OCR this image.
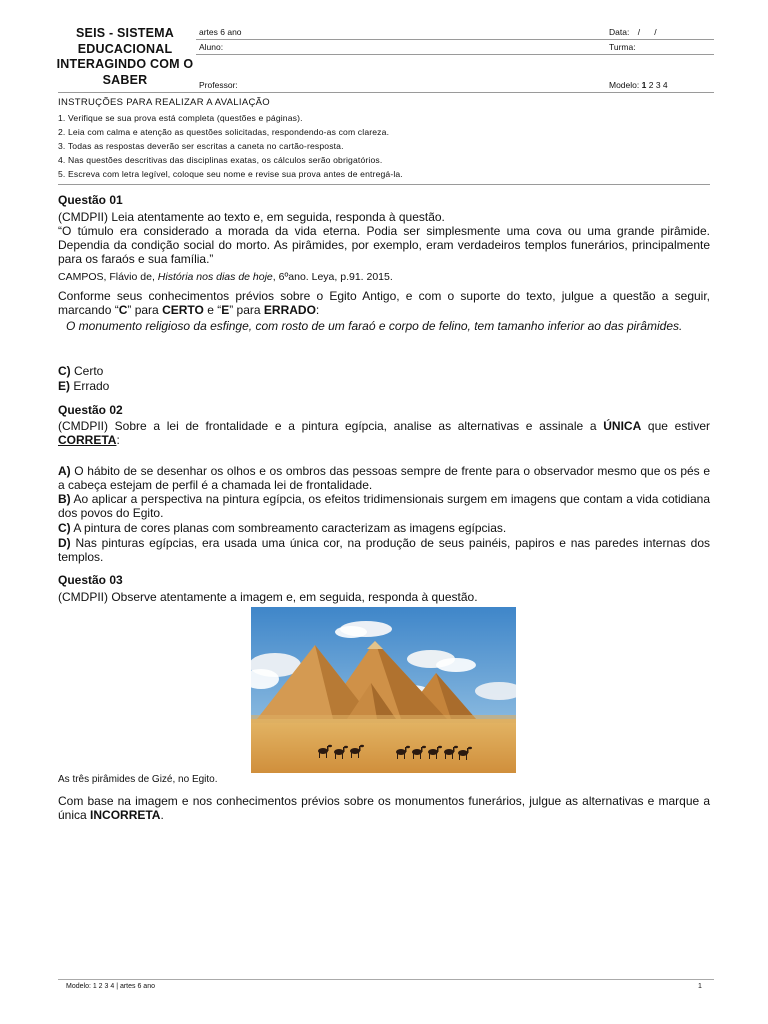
SEIS - SISTEMA
EDUCACIONAL
INTERAGINDO COM O
SABER
artes 6 ano	Data: /      /
Aluno:	Turma:
Professor:	Modelo: 1 2 3 4
INSTRUÇÕES PARA REALIZAR A AVALIAÇÃO
1. Verifique se sua prova está completa (questões e páginas).
2. Leia com calma e atenção as questões solicitadas, respondendo-as com clareza.
3. Todas as respostas deverão ser escritas a caneta no cartão-resposta.
4. Nas questões descritivas das disciplinas exatas, os cálculos serão obrigatórios.
5. Escreva com letra legível, coloque seu nome e revise sua prova antes de entregá-la.
Questão 01
(CMDPII) Leia atentamente ao texto e, em seguida, responda à questão.
“O túmulo era considerado a morada da vida eterna. Podia ser simplesmente uma cova ou uma grande pirâmide. Dependia da condição social do morto. As pirâmides, por exemplo, eram verdadeiros templos funerários, principalmente para os faraós e sua família.”
CAMPOS, Flávio de, História nos dias de hoje, 6ºano. Leya, p.91. 2015.
Conforme seus conhecimentos prévios sobre o Egito Antigo, e com o suporte do texto, julgue a questão a seguir, marcando “C” para CERTO e “E” para ERRADO:
O monumento religioso da esfinge, com rosto de um faraó e corpo de felino, tem tamanho inferior ao das pirâmides.
C) Certo
E) Errado
Questão 02
(CMDPII) Sobre a lei de frontalidade e a pintura egípcia, analise as alternativas e assinale a ÚNICA que estiver CORRETA:
A) O hábito de se desenhar os olhos e os ombros das pessoas sempre de frente para o observador mesmo que os pés e a cabeça estejam de perfil é a chamada lei de frontalidade.
B) Ao aplicar a perspectiva na pintura egípcia, os efeitos tridimensionais surgem em imagens que contam a vida cotidiana dos povos do Egito.
C) A pintura de cores planas com sombreamento caracterizam as imagens egípcias.
D) Nas pinturas egípcias, era usada uma única cor, na produção de seus painéis, papiros e nas paredes internas dos templos.
Questão 03
(CMDPII) Observe atentamente a imagem e, em seguida, responda à questão.
As três pirâmides de Gizé, no Egito.
Com base na imagem e nos conhecimentos prévios sobre os monumentos funerários, julgue as alternativas e marque a única INCORRETA.
Modelo: 1 2 3 4 | artes 6 ano	1
